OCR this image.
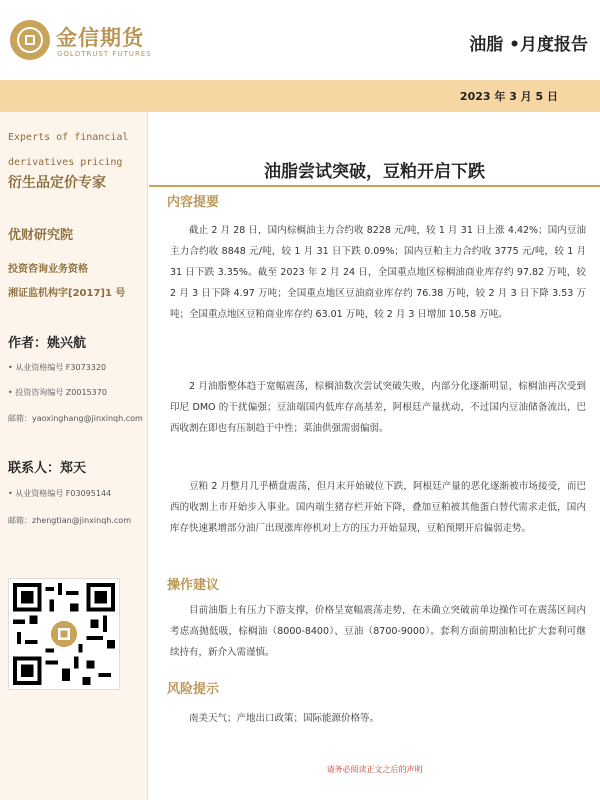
金信期货
GOLDTRUST FUTURES	油脂 •月度报告
2023 年 3 月 5 日
Experts of financial
derivatives pricing
衍生品定价专家
优财研究院
投资咨询业务资格
湘证监机构字[2017]1 号
作者：姚兴航
• 从业资格编号 F3073320
• 投资咨询编号 Z0015370
邮箱：yaoxinghang@jinxinqh.com
联系人：郑天
• 从业资格编号 F03095144
邮箱：zhengtian@jinxinqh.com
油脂尝试突破，豆粕开启下跌
内容提要
截止 2 月 28 日，国内棕榈油主力合约收 8228 元/吨，较 1 月 31 日上涨 4.42%；国内豆油主力合约收 8848 元/吨，较 1 月 31 日下跌 0.09%；国内豆粕主力合约收 3775 元/吨，较 1 月 31 日下跌 3.35%。截至 2023 年 2 月 24 日，全国重点地区棕榈油商业库存约 97.82 万吨，较 2 月 3 日下降 4.97 万吨；全国重点地区豆油商业库存约 76.38 万吨，较 2 月 3 日下降 3.53 万吨；全国重点地区豆粕商业库存约 63.01 万吨，较 2 月 3 日增加 10.58 万吨。
2 月油脂整体趋于宽幅震荡，棕榈油数次尝试突破失败，内部分化逐渐明显，棕榈油再次受到印尼 DMO 的干扰偏强；豆油端国内低库存高基差，阿根廷产量扰动，不过国内豆油储备流出，巴西收割在即也有压制趋于中性；菜油供强需弱偏弱。
豆粕 2 月整月几乎横盘震荡，但月末开始破位下跌，阿根廷产量的恶化逐渐被市场接受，而巴西的收割上市开始步入事业。国内端生猪存栏开始下降，叠加豆粕被其他蛋白替代需求走低，国内库存快速累增部分油厂出现涨库停机对上方的压力开始显现，豆粕预期开启偏弱走势。
操作建议
目前油脂上有压力下游支撑，价格呈宽幅震荡走势，在未确立突破前单边操作可在震荡区间内考虑高抛低吸，棕榈油（8000-8400）、豆油（8700-9000）。套利方面前期油粕比扩大套利可继续持有，新介入需谨慎。
风险提示
南美天气；产地出口政策；国际能源价格等。
请务必阅读正文之后的声明
